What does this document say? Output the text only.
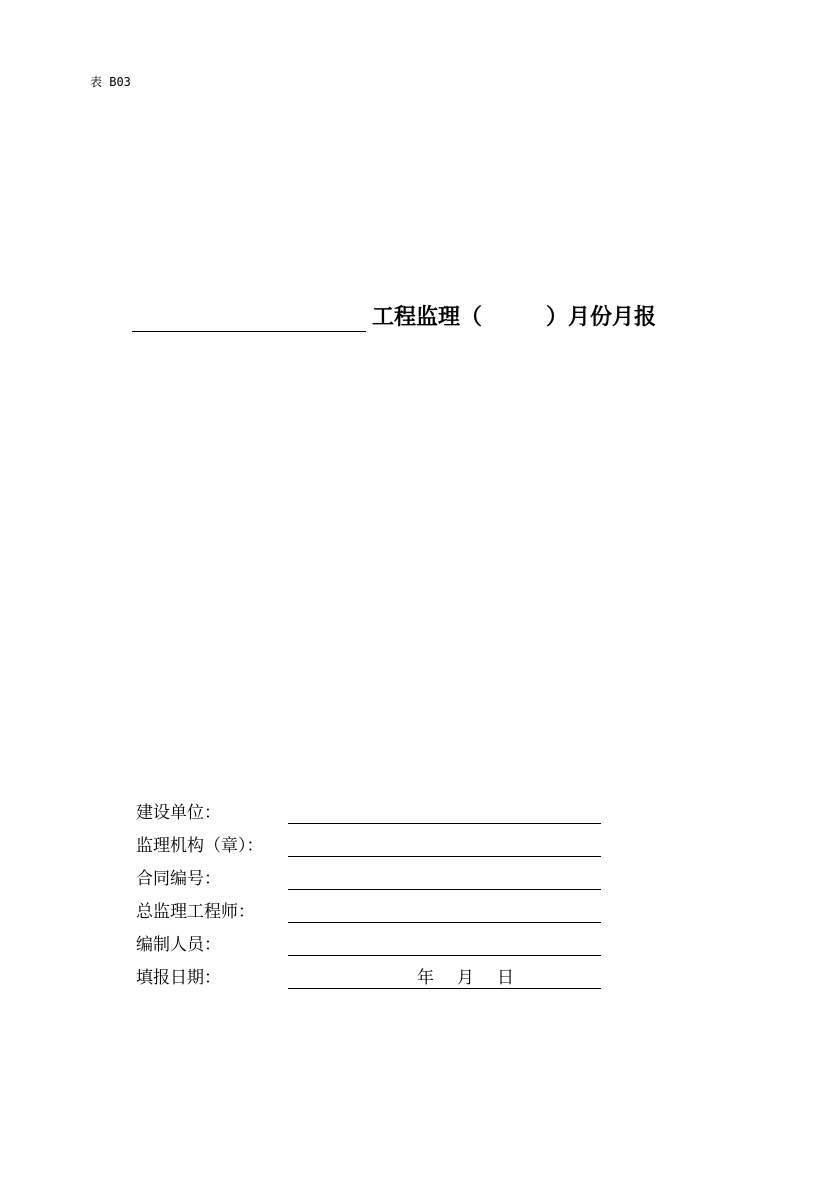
表 B03
工程监理（	）月份月报
建设单位：
监理机构（章）：
合同编号：
总监理工程师：
编制人员：
填报日期：	年 月 日
